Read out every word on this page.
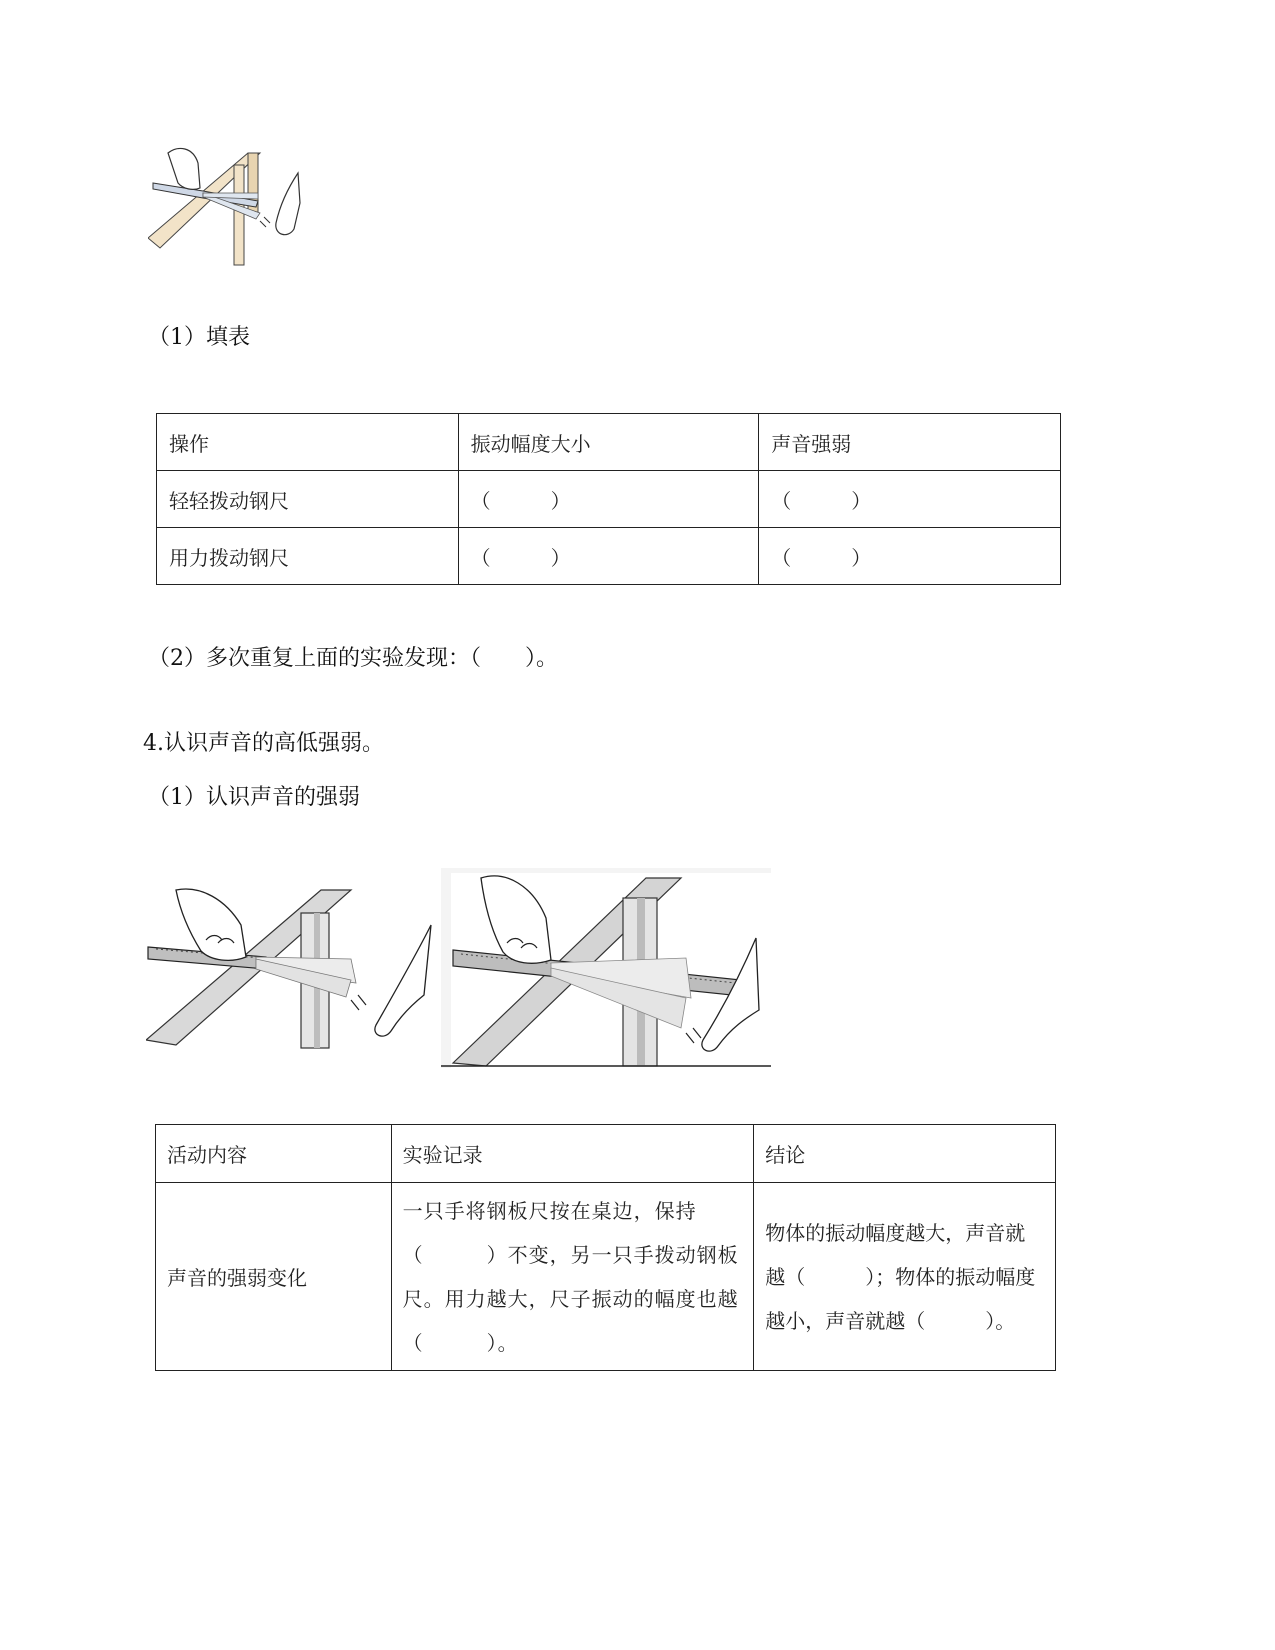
（1）填表
操作	振动幅度大小	声音强弱
轻轻拨动钢尺	（　　　）	（　　　）
用力拨动钢尺	（　　　）	（　　　）
（2）多次重复上面的实验发现：（　　）。
4.认识声音的高低强弱。
（1）认识声音的强弱
活动内容	实验记录	结论
声音的强弱变化	一只手将钢板尺按在桌边，保持（　　　）不变，另一只手拨动钢板尺。用力越大，尺子振动的幅度也越（　　　）。	物体的振动幅度越大，声音就越（　　　）；物体的振动幅度越小，声音就越（　　　）。
